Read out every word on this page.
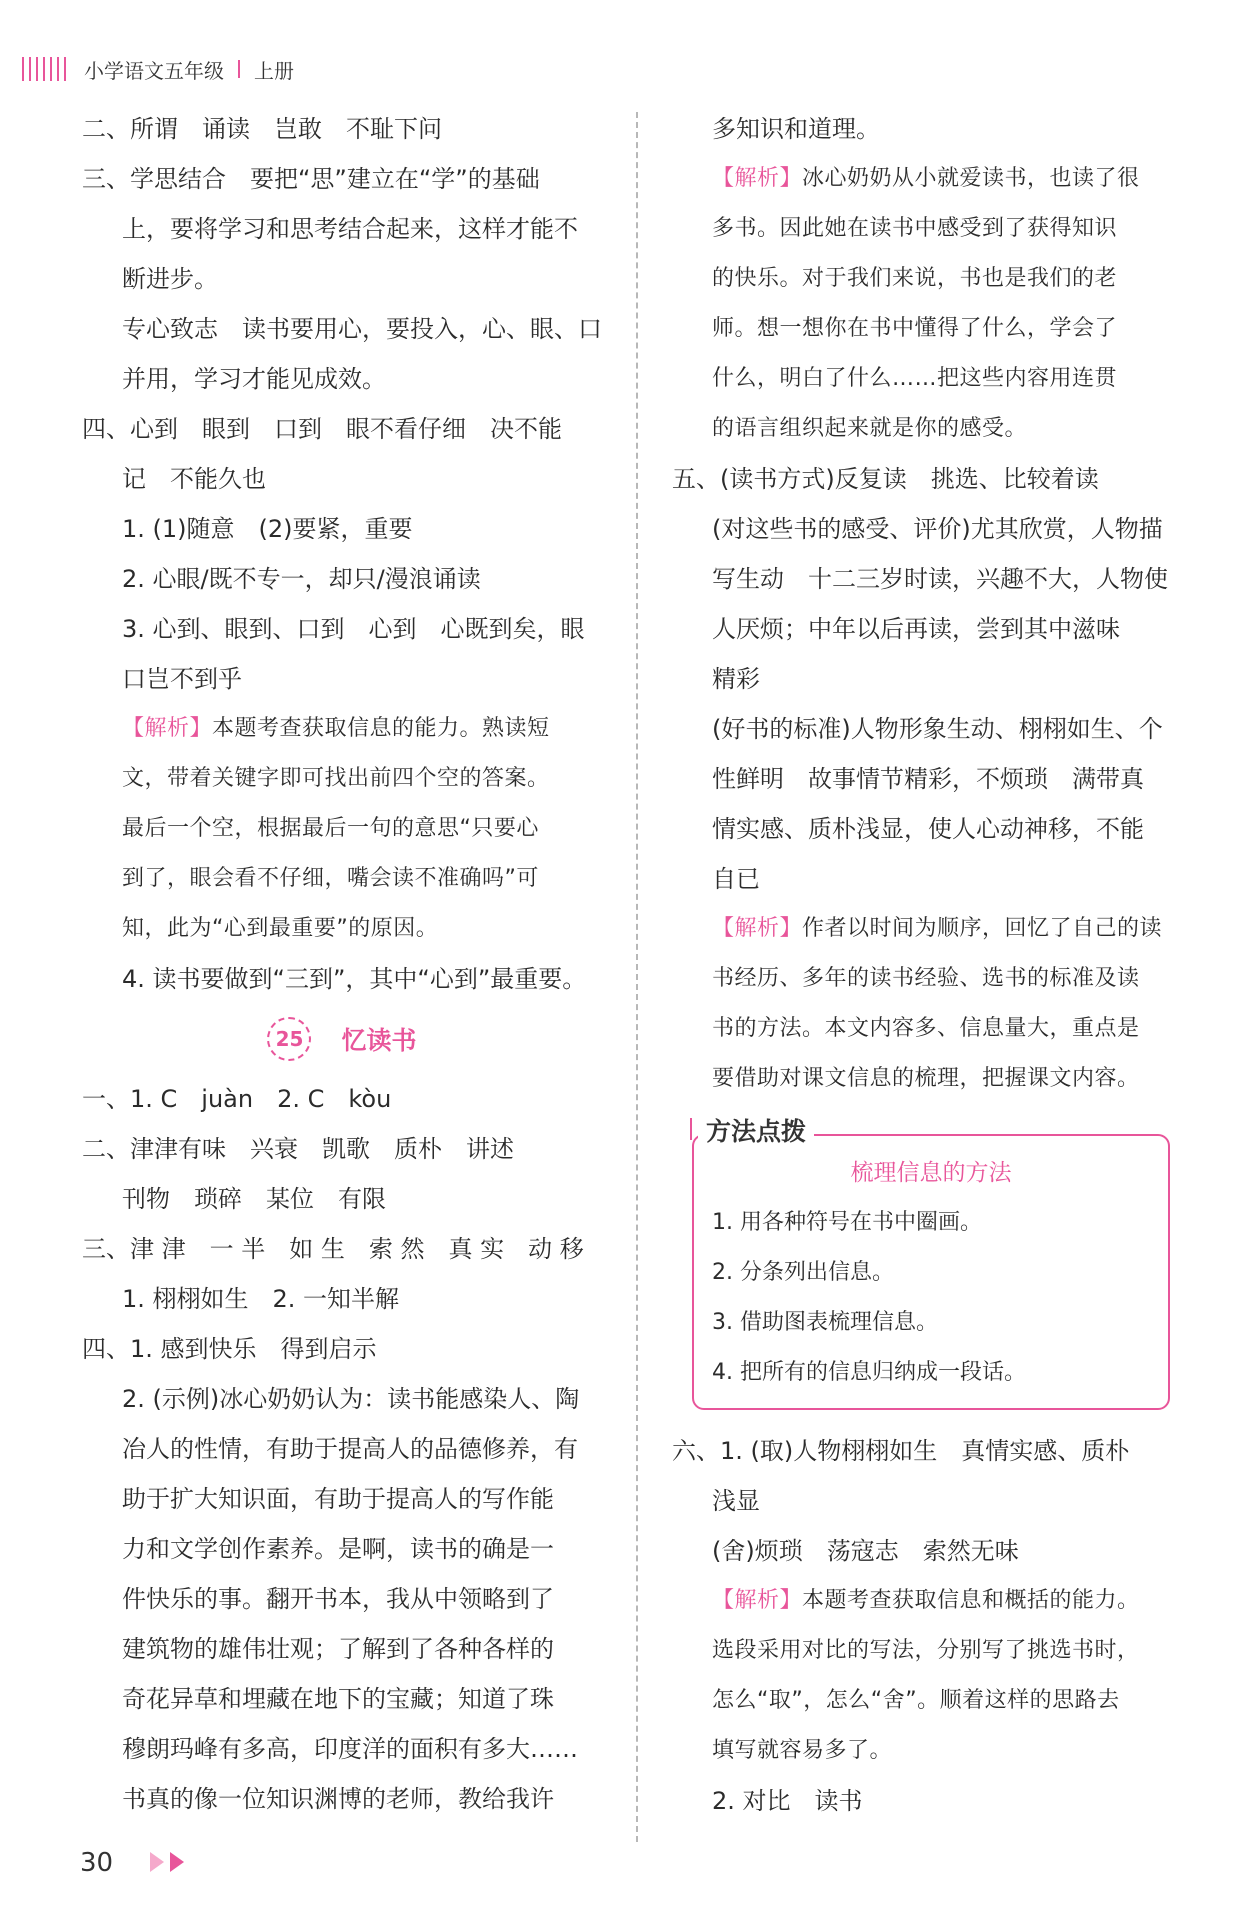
小学语文五年级 上册
二、所谓　诵读　岂敢　不耻下问
三、学思结合　要把“思”建立在“学”的基础
上，要将学习和思考结合起来，这样才能不
断进步。
专心致志　读书要用心，要投入，心、眼、口
并用，学习才能见成效。
四、心到　眼到　口到　眼不看仔细　决不能
记　不能久也
1. (1)随意　(2)要紧，重要
2. 心眼/既不专一，却只/漫浪诵读
3. 心到、眼到、口到　心到　心既到矣，眼
口岂不到乎
【解析】本题考查获取信息的能力。熟读短
文，带着关键字即可找出前四个空的答案。
最后一个空，根据最后一句的意思“只要心
到了，眼会看不仔细，嘴会读不准确吗”可
知，此为“心到最重要”的原因。
4. 读书要做到“三到”，其中“心到”最重要。
25	忆读书
一、1. C　juàn　2. C　kòu
二、津津有味　兴衰　凯歌　质朴　讲述
刊物　琐碎　某位　有限
三、津 津　一 半　如 生　索 然　真 实　动 移
1. 栩栩如生　2. 一知半解
四、1. 感到快乐　得到启示
2. (示例)冰心奶奶认为：读书能感染人、陶
冶人的性情，有助于提高人的品德修养，有
助于扩大知识面，有助于提高人的写作能
力和文学创作素养。是啊，读书的确是一
件快乐的事。翻开书本，我从中领略到了
建筑物的雄伟壮观；了解到了各种各样的
奇花异草和埋藏在地下的宝藏；知道了珠
穆朗玛峰有多高，印度洋的面积有多大……
书真的像一位知识渊博的老师，教给我许
多知识和道理。
【解析】冰心奶奶从小就爱读书，也读了很
多书。因此她在读书中感受到了获得知识
的快乐。对于我们来说，书也是我们的老
师。想一想你在书中懂得了什么，学会了
什么，明白了什么……把这些内容用连贯
的语言组织起来就是你的感受。
五、(读书方式)反复读　挑选、比较着读
(对这些书的感受、评价)尤其欣赏，人物描
写生动　十二三岁时读，兴趣不大，人物使
人厌烦；中年以后再读，尝到其中滋味
精彩
(好书的标准)人物形象生动、栩栩如生、个
性鲜明　故事情节精彩，不烦琐　满带真
情实感、质朴浅显，使人心动神移，不能
自已
【解析】作者以时间为顺序，回忆了自己的读
书经历、多年的读书经验、选书的标准及读
书的方法。本文内容多、信息量大，重点是
要借助对课文信息的梳理，把握课文内容。
方法点拨
梳理信息的方法
1. 用各种符号在书中圈画。
2. 分条列出信息。
3. 借助图表梳理信息。
4. 把所有的信息归纳成一段话。
六、1. (取)人物栩栩如生　真情实感、质朴
浅显
(舍)烦琐　荡寇志　索然无味
【解析】本题考查获取信息和概括的能力。
选段采用对比的写法，分别写了挑选书时，
怎么“取”，怎么“舍”。顺着这样的思路去
填写就容易多了。
2. 对比　读书
30
